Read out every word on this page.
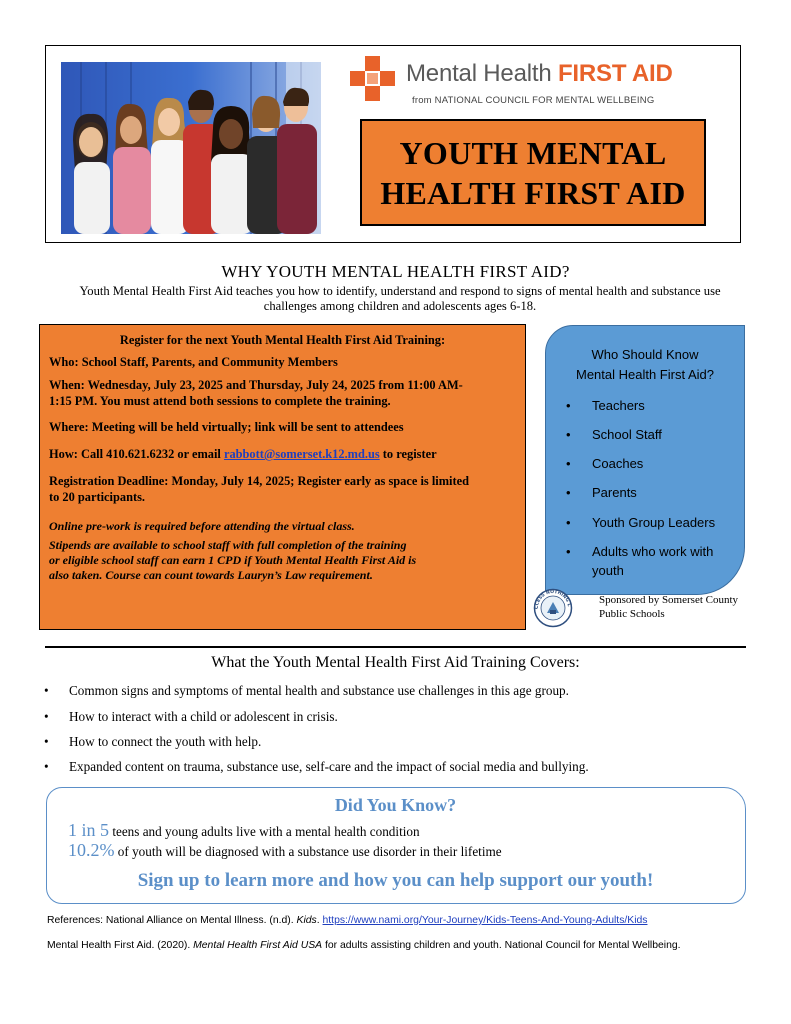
Mental Health FIRST AID
from NATIONAL COUNCIL FOR MENTAL WELLBEING
YOUTH MENTAL
HEALTH FIRST AID
WHY YOUTH MENTAL HEALTH FIRST AID?
Youth Mental Health First Aid teaches you how to identify, understand and respond to signs of mental health and substance use challenges among children and adolescents ages 6-18.
Register for the next Youth Mental Health First Aid Training:
Who: School Staff, Parents, and Community Members
When: Wednesday, July 23, 2025 and Thursday, July 24, 2025 from 11:00 AM-
1:15 PM. You must attend both sessions to complete the training.
Where: Meeting will be held virtually; link will be sent to attendees
How: Call 410.621.6232 or email rabbott@somerset.k12.md.us to register
Registration Deadline: Monday, July 14, 2025; Register early as space is limited
to 20 participants.
Online pre-work is required before attending the virtual class.
Stipends are available to school staff with full completion of the training
or eligible school staff can earn 1 CPD if Youth Mental Health First Aid is
also taken. Course can count towards Lauryn’s Law requirement.
Who Should Know
Mental Health First Aid?
• Teachers
• School Staff
• Coaches
• Parents
• Youth Group Leaders
• Adults who work with
youth
CCESS NOTHING L	Sponsored by Somerset County
Public Schools
What the Youth Mental Health First Aid Training Covers:
• Common signs and symptoms of mental health and substance use challenges in this age group.
• How to interact with a child or adolescent in crisis.
• How to connect the youth with help.
• Expanded content on trauma, substance use, self-care and the impact of social media and bullying.
Did You Know?
1 in 5 teens and young adults live with a mental health condition
10.2% of youth will be diagnosed with a substance use disorder in their lifetime
Sign up to learn more and how you can help support our youth!
References: National Alliance on Mental Illness. (n.d). Kids. https://www.nami.org/Your-Journey/Kids-Teens-And-Young-Adults/Kids
Mental Health First Aid. (2020). Mental Health First Aid USA for adults assisting children and youth. National Council for Mental Wellbeing.
